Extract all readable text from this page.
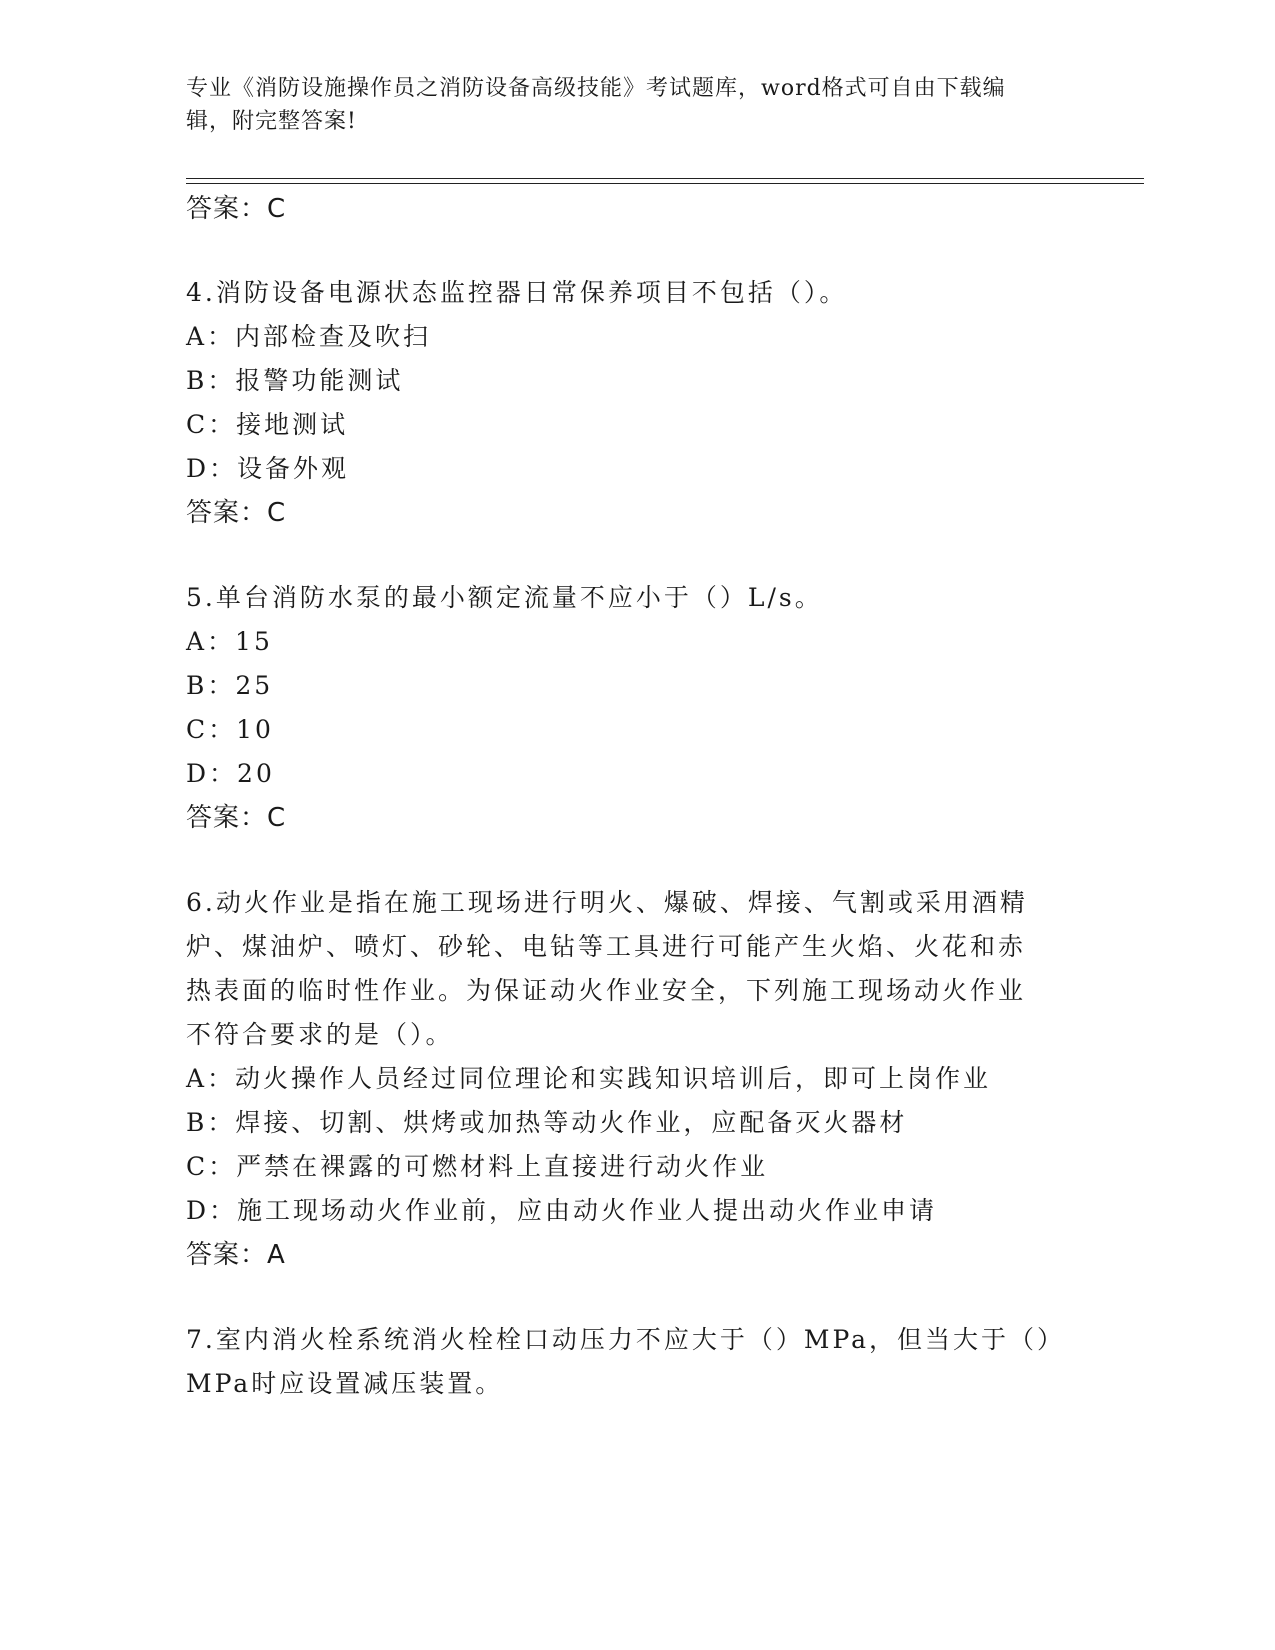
专业《消防设施操作员之消防设备高级技能》考试题库，word格式可自由下载编
辑，附完整答案!
答案：C
4.消防设备电源状态监控器日常保养项目不包括（）。
A：内部检查及吹扫
B：报警功能测试
C：接地测试
D：设备外观
答案：C
5.单台消防水泵的最小额定流量不应小于（）L/s。
A：15
B：25
C：10
D：20
答案：C
6.动火作业是指在施工现场进行明火、爆破、焊接、气割或采用酒精
炉、煤油炉、喷灯、砂轮、电钻等工具进行可能产生火焰、火花和赤
热表面的临时性作业。为保证动火作业安全，下列施工现场动火作业
不符合要求的是（）。
A：动火操作人员经过同位理论和实践知识培训后，即可上岗作业
B：焊接、切割、烘烤或加热等动火作业，应配备灭火器材
C：严禁在裸露的可燃材料上直接进行动火作业
D：施工现场动火作业前，应由动火作业人提出动火作业申请
答案：A
7.室内消火栓系统消火栓栓口动压力不应大于（）MPa，但当大于（）
MPa时应设置减压装置。
